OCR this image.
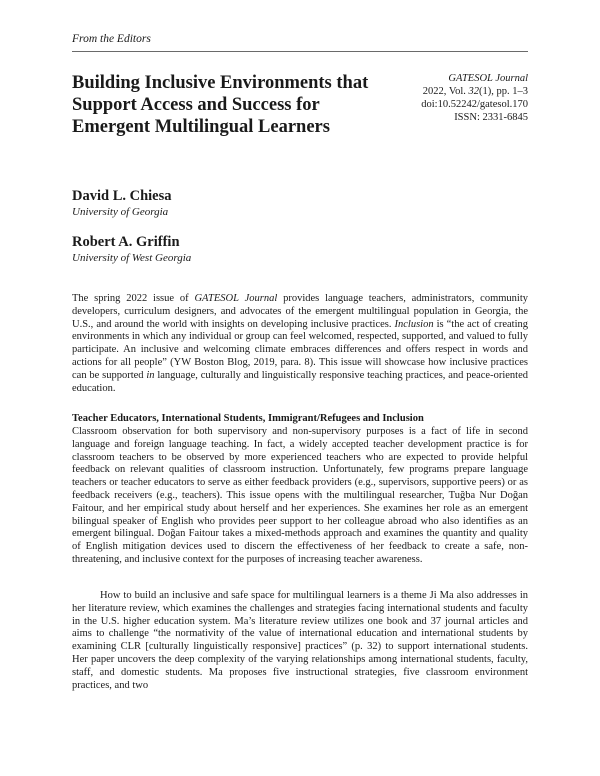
From the Editors
Building Inclusive Environments that Support Access and Success for Emergent Multilingual Learners
GATESOL Journal
2022, Vol. 32(1), pp. 1–3
doi:10.52242/gatesol.170
ISSN: 2331-6845
David L. Chiesa
University of Georgia
Robert A. Griffin
University of West Georgia

The spring 2022 issue of GATESOL Journal provides language teachers, administrators, community developers, curriculum designers, and advocates of the emergent multilingual population in Georgia, the U.S., and around the world with insights on developing inclusive practices. Inclusion is “the act of creating environments in which any individual or group can feel welcomed, respected, supported, and valued to fully participate. An inclusive and welcoming climate embraces differences and offers respect in words and actions for all people” (YW Boston Blog, 2019, para. 8). This issue will showcase how inclusive practices can be supported in language, culturally and linguistically responsive teaching practices, and peace-oriented education.

Teacher Educators, International Students, Immigrant/Refugees and Inclusion

Classroom observation for both supervisory and non-supervisory purposes is a fact of life in second language and foreign language teaching. In fact, a widely accepted teacher development practice is for classroom teachers to be observed by more experienced teachers who are expected to provide helpful feedback on relevant qualities of classroom instruction. Unfortunately, few programs prepare language teachers or teacher educators to serve as either feedback providers (e.g., supervisors, supportive peers) or as feedback receivers (e.g., teachers). This issue opens with the multilingual researcher, Tuğba Nur Doğan Faitour, and her empirical study about herself and her experiences. She examines her role as an emergent bilingual speaker of English who provides peer support to her colleague abroad who also identifies as an emergent bilingual. Doğan Faitour takes a mixed-methods approach and examines the quantity and quality of English mitigation devices used to discern the effectiveness of her feedback to create a safe, non-threatening, and inclusive context for the purposes of increasing teacher awareness.

How to build an inclusive and safe space for multilingual learners is a theme Ji Ma also addresses in her literature review, which examines the challenges and strategies facing international students and faculty in the U.S. higher education system. Ma’s literature review utilizes one book and 37 journal articles and aims to challenge “the normativity of the value of international education and international students by examining CLR [culturally linguistically responsive] practices” (p. 32) to support international students. Her paper uncovers the deep complexity of the varying relationships among international students, faculty, staff, and domestic students. Ma proposes five instructional strategies, five classroom environment practices, and two
